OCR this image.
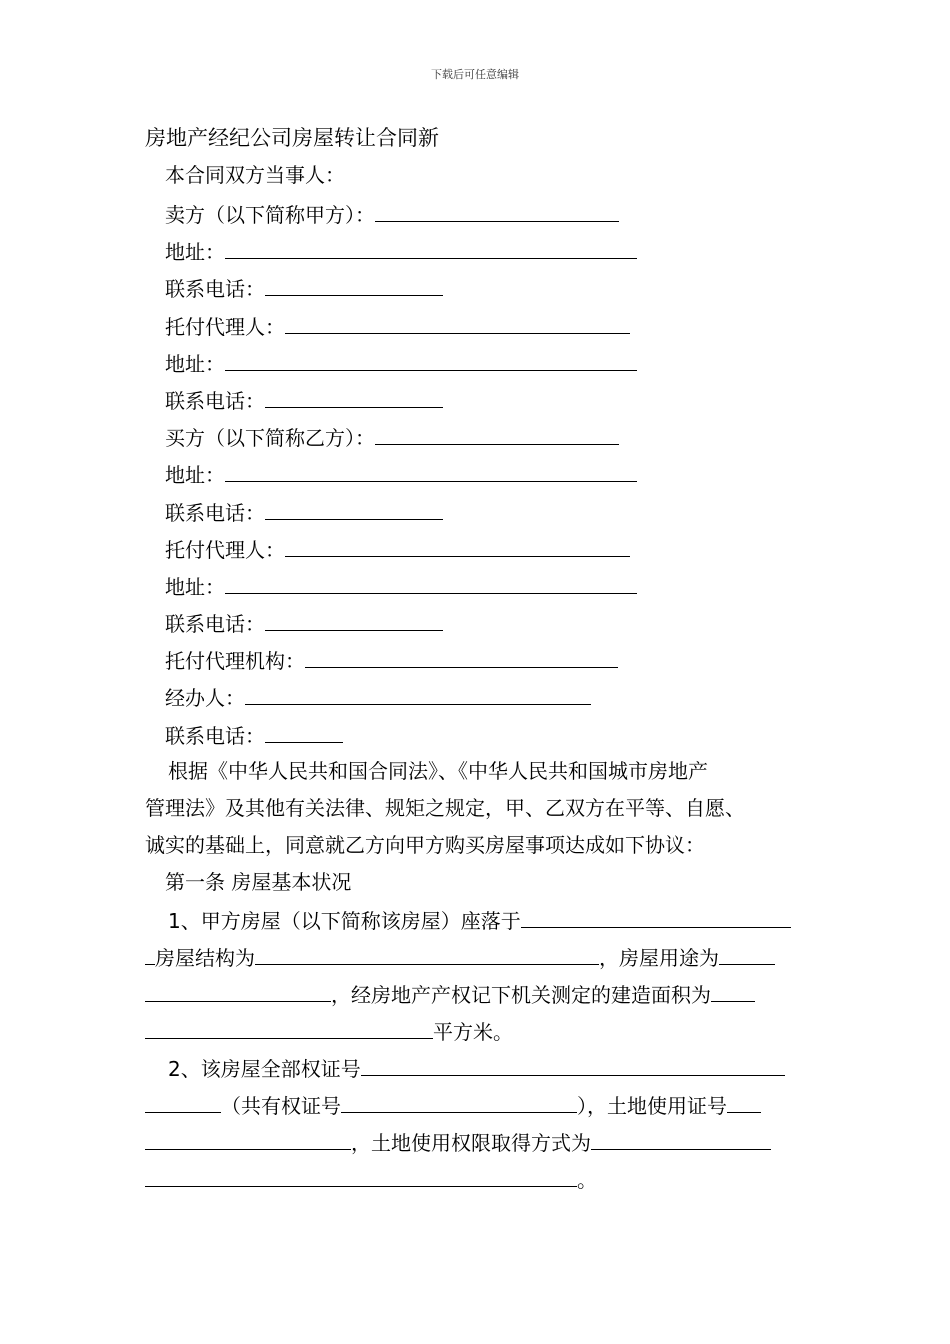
下载后可任意编辑
房地产经纪公司房屋转让合同新
本合同双方当事人：
卖方（以下简称甲方）：
地址：
联系电话：
托付代理人：
地址：
联系电话：
买方（以下简称乙方）：
地址：
联系电话：
托付代理人：
地址：
联系电话：
托付代理机构：
经办人：
联系电话：
根据《中华人民共和国合同法》、《中华人民共和国城市房地产
管理法》及其他有关法律、规矩之规定，甲、乙双方在平等、自愿、
诚实的基础上，同意就乙方向甲方购买房屋事项达成如下协议：
第一条 房屋基本状况
1、甲方房屋（以下简称该房屋）座落于
房屋结构为	，房屋用途为
，经房地产产权记下机关测定的建造面积为
平方米。
2、该房屋全部权证号
（共有权证号	），土地使用证号
，土地使用权限取得方式为
。
